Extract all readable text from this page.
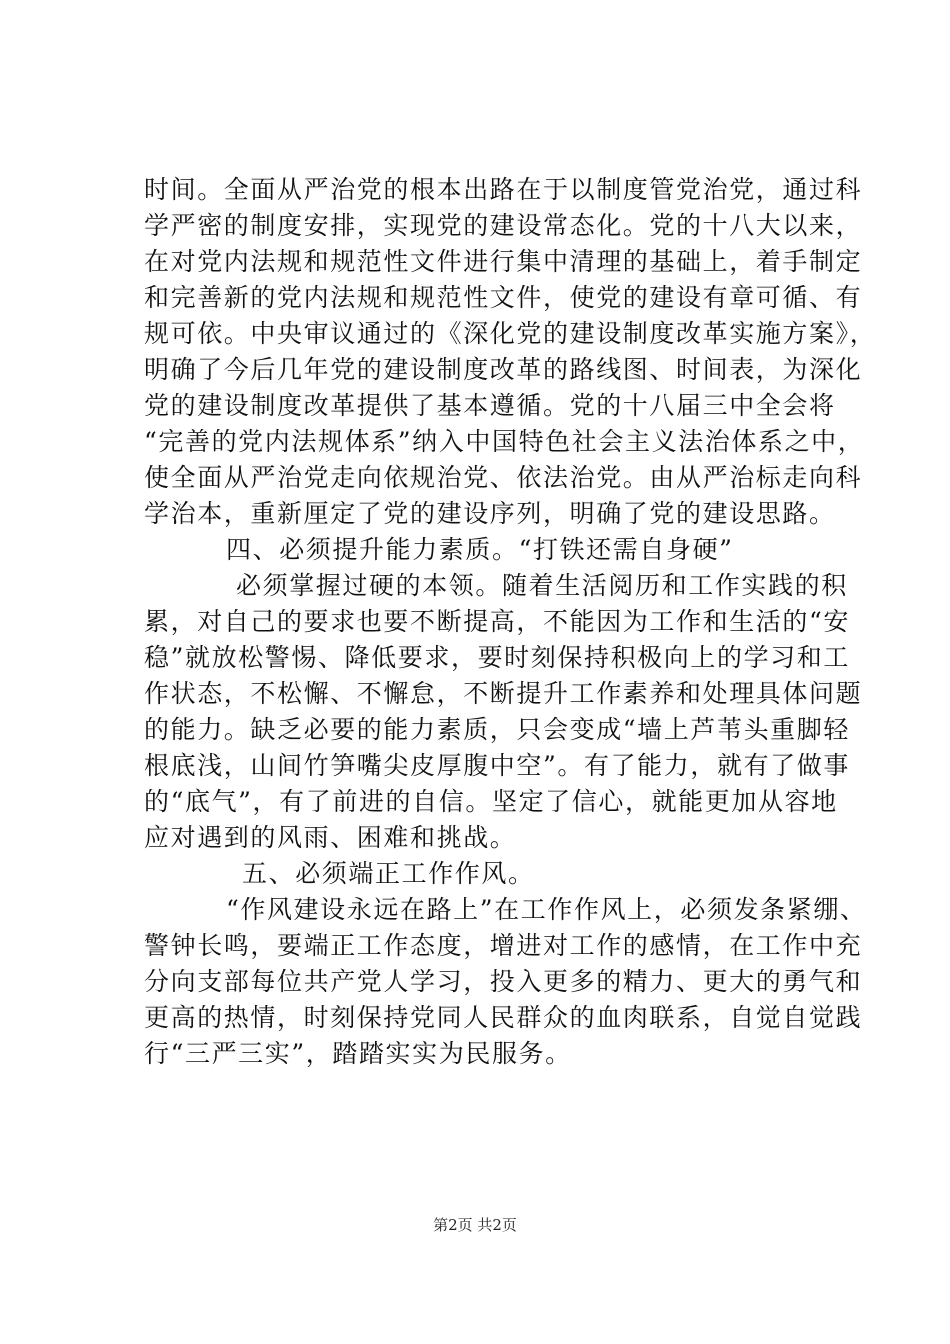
时间。全面从严治党的根本出路在于以制度管党治党，通过科
学严密的制度安排，实现党的建设常态化。党的十八大以来，
在对党内法规和规范性文件进行集中清理的基础上，着手制定
和完善新的党内法规和规范性文件，使党的建设有章可循、有
规可依。中央审议通过的《深化党的建设制度改革实施方案》，
明确了今后几年党的建设制度改革的路线图、时间表，为深化
党的建设制度改革提供了基本遵循。党的十八届三中全会将
“完善的党内法规体系”纳入中国特色社会主义法治体系之中，
使全面从严治党走向依规治党、依法治党。由从严治标走向科
学治本，重新厘定了党的建设序列，明确了党的建设思路。
四、必须提升能力素质。“打铁还需自身硬”
必须掌握过硬的本领。随着生活阅历和工作实践的积
累，对自己的要求也要不断提高，不能因为工作和生活的“安
稳”就放松警惕、降低要求，要时刻保持积极向上的学习和工
作状态，不松懈、不懈怠，不断提升工作素养和处理具体问题
的能力。缺乏必要的能力素质，只会变成“墙上芦苇头重脚轻
根底浅，山间竹笋嘴尖皮厚腹中空”。有了能力，就有了做事
的“底气”，有了前进的自信。坚定了信心，就能更加从容地
应对遇到的风雨、困难和挑战。
五、必须端正工作作风。
“作风建设永远在路上”在工作作风上，必须发条紧绷、
警钟长鸣，要端正工作态度，增进对工作的感情，在工作中充
分向支部每位共产党人学习，投入更多的精力、更大的勇气和
更高的热情，时刻保持党同人民群众的血肉联系，自觉自觉践
行“三严三实”，踏踏实实为民服务。
第2页 共2页
